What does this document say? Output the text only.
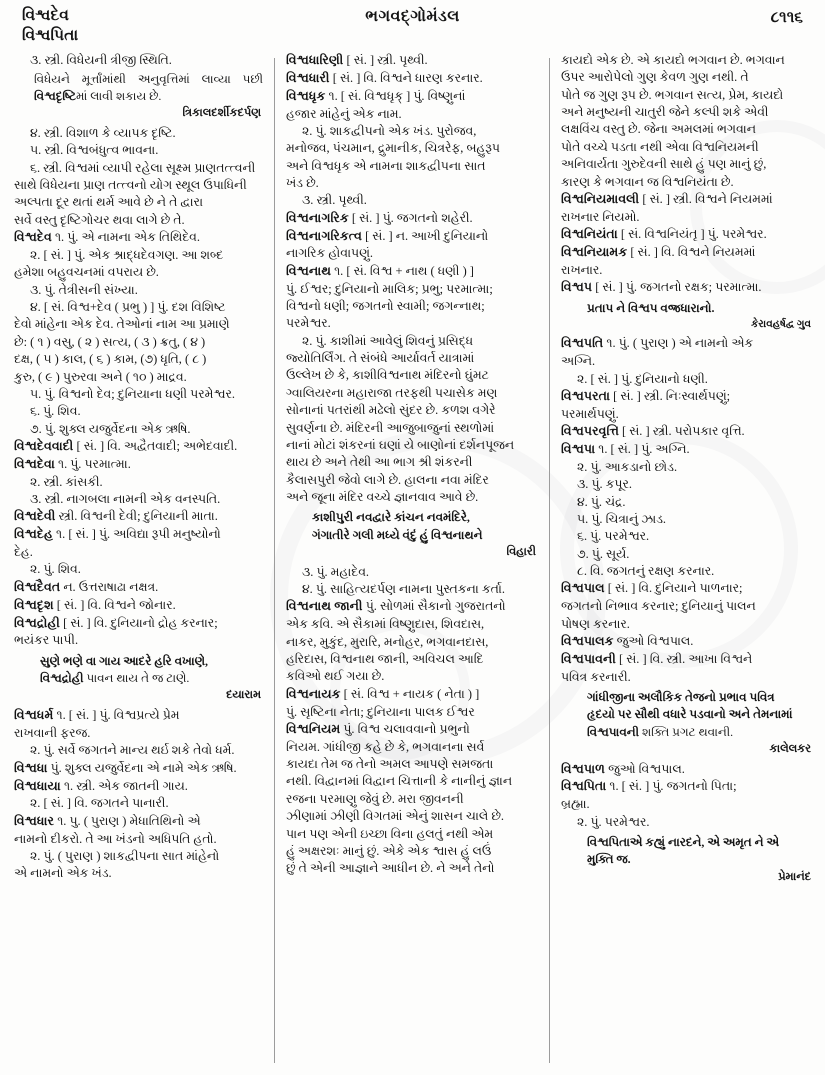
વિશ્વદેવ
વિશ્વપિતા
ભગવદ્‌ગોમંડલ	૮૧૧૬

૩. સ્ત્રી. વિધેયની ત્રીજી સ્થિતિ.

વિધેયને મૂર્ત્તાંમાંથી અનુવૃત્તિમાં લાવ્યા પછી વિશ્વદૃષ્ટિમાં લાવી શકાય છે.

ત્રિકાલદર્શીકદર્પણ

૪. સ્ત્રી. વિશાળ કે વ્યાપક દૃષ્ટિ.

૫. સ્ત્રી. વિશ્વબંધુત્વ ભાવના.

૬. સ્ત્રી. વિશ્વમાં વ્યાપી રહેલા સૂક્ષ્મ પ્રાણતત્ત્વની

સાથે વિધેયના પ્રાણ તત્ત્વનો યોગ સ્થૂલ ઉપાધિની

અલ્પતા દૂર થતાં થર્મ આવે છે ને તે દ્વારા

સર્વે વસ્તુ દૃષ્ટિગોચર થવા લાગે છે તે.

વિશ્વદેવ ૧. પું. એ નામના એક તિથિદેવ.

૨. [ સં. ] પું. એક શ્રાદ્ધદેવગણ. આ શબ્દ

હમેશા બહુવચનમાં વપરાય છે.

૩. પું. તેત્રીસની સંખ્યા.

૪. [ સં. વિશ્વ+દેવ ( પ્રભુ ) ] પું. દશ વિશિષ્ટ

દેવો માંહેના એક દેવ. તેઓનાં નામ આ પ્રમાણે

છે: ( ૧ ) વસુ, ( ૨ ) સત્ય, ( ૩ ) ક્રતુ, ( ૪ )

દક્ષ, ( ૫ ) કાલ, ( ૬ ) કામ, (૭) ધૃતિ, ( ૮ )

કુરુ, ( ૯ ) પુરુરવા અને ( ૧૦ ) માદ્રવ.

૫. પું. વિશ્વનો દેવ; દુનિયાના ધણી પરમેશ્વર.

૬. પું. શિવ.

૭. પું. શુક્લ યજુર્વેદના એક ઋષિ.

વિશ્વદેવવાદી [ સં. ] વિ. અદ્વૈતવાદી; અભેદવાદી.

વિશ્વદેવા ૧. પું. પરમાત્મા.

૨. સ્ત્રી. કાંસકી.

૩. સ્ત્રી. નાગબલા નામની એક વનસ્પતિ.

વિશ્વદેવી સ્ત્રી. વિશ્વની દેવી; દુનિયાની માતા.

વિશ્વદેહ ૧. [ સં. ] પું. અવિદ્યા રૂપી મનુષ્યોનો

દેહ.

૨. પું. શિવ.

વિશ્વદૈવત ન. ઉત્તરાષાઢા નક્ષત્ર.

વિશ્વદૃશ [ સં. ] વિ. વિશ્વને જોનાર.

વિશ્વદ્રોહી [ સં. ] વિ. દુનિયાનો દ્રોહ કરનાર;

ભયંકર પાપી.

સુણે ભણે વા ગાય આદરે હરિ વખાણે,
વિશ્વદ્રોહી પાવન થાય તે જ ટાણે.

દયારામ

વિશ્વધર્મ ૧. [ સં. ] પું. વિશ્વપ્રત્યે પ્રેમ

રાખવાની ફરજ.

૨. પું. સર્વે જગતને માન્ય થર્ઇ શકે તેવો ધર્મ.

વિશ્વધા પું. શુક્લ યજુર્વેદના એ નામે એક ઋષિ.

વિશ્વધાયા ૧. સ્ત્રી. એક જાતની ગાય.

૨. [ સં. ] વિ. જગતને પાનારી.

વિશ્વધાર ૧. પુ. ( પુરાણ ) મેધાતિથિનો એ

નામનો દીકરો. તે આ ખંડનો અધિપતિ હતો.

૨. પું. ( પુરાણ ) શાકદ્વીપના સાત માંહેનો

એ નામનો એક ખંડ.

વિશ્વધારિણી [ સં. ] સ્ત્રી. પૃથ્વી.

વિશ્વધારી [ સં. ] વિ. વિશ્વને ધારણ કરનાર.

વિશ્વધૃક ૧. [ સં. વિશ્વધૃક્ ] પું. વિષ્ણુનાં

હજાર માંહેનું એક નામ.

૨. પું. શાકદ્વીપનો એક ખંડ. પુરોજવ,

મનોજવ, પંચમાન, દ્રુમાનીક, ચિત્રરેફ, બહુરૂપ

અને વિશ્વધૃક એ નામના શાકદ્વીપના સાત

ખંડ છે.

૩. સ્ત્રી. પૃથ્વી.

વિશ્વનાગરિક [ સં. ] પું. જગતનો શહેરી.

વિશ્વનાગરિકત્વ [ સં. ] ન. આખી દુનિયાનો

નાગરિક હોવાપણું.

વિશ્વનાથ ૧. [ સં. વિશ્વ + નાથ ( ધણી ) ]

પું. ઈશ્વર; દુનિયાનો માલિક; પ્રભુ; પરમાત્મા;

વિશ્વનો ધણી; જગતનો સ્વામી; જગન્નાથ;

પરમેશ્વર.

૨. પું. કાશીમાં આવેલું શિવનું પ્રસિદ્ધ

જ્યોતિર્લિંગ. તે સંબંધે આર્યાવર્ત યાત્રામાં

ઉલ્લેખ છે કે, કાશીવિશ્વનાથ મંદિરનો ઘુંમટ

ગ્વાલિયરના મહારાજા તરફથી પચાસેક મણ

સોનાનાં પતરાંથી મઢેલો સુંદર છે. કળશ વગેરે

સુવર્ણના છે. મંદિરની આજુબાજુનાં સ્થળોમાં

નાનાં મોટાં શંકરનાં ઘણાં યે બાણોનાં દર્શનપૂજન

થાય છે અને તેથી આ ભાગ શ્રી શંકરની

કૈલાસપુરી જેવો લાગે છે. હાલના નવા મંદિર

અને જૂના મંદિર વચ્ચે જ્ઞાનવાવ આવે છે.

કાશીપુરી નવદ્વારે કાંચન નવમંદિરે,
ગંગાતીરે ગલી મધ્યે વંદું હું વિશ્વનાથને

વિહારી

૩. પું. મહાદેવ.

૪. પું. સાહિત્યદર્પણ નામના પુસ્તકના કર્તા.

વિશ્વનાથ જાની પું. સોળમાં સૈકાનો ગુજરાતનો

એક કવિ. એ સૈકામાં વિષ્ણુદાસ, શિવદાસ,

નાકર, મુકુંદ, મુરારિ, મનોહર, ભગવાનદાસ,

હરિદાસ, વિશ્વનાથ જાની, અવિચલ આદિ

કવિઓ થઈ ગયા છે.

વિશ્વનાયક [ સં. વિશ્વ + નાયક ( નેતા ) ]

પું. સૃષ્ટિના નેતા; દુનિયાના પાલક ઈશ્વર

વિશ્વનિયમ પું. વિશ્વ ચલાવવાનો પ્રભુનો

નિયમ. ગાંધીજી કહે છે કે, ભગવાનના સર્વ

કાયદા તેમ જ તેનો અમલ આપણે સમજતા

નથી. વિદ્વાનમાં વિદ્વાન ચિત્તાની કે નાનીનું જ્ઞાન

રજના પરમાણુ જેવું છે. મરા જીવનની

ઝીણામાં ઝીણી વિગતમાં એનું શાસન ચાલે છે.

પાન પણ એની ઇચ્છા વિના હલતું નથી એમ

હું અક્ષરશઃ માનું છું. એકે એક શ્વાસ હું લઉં

છું તે એની આજ્ઞાને આધીન છે. ને અને તેનો

કાયદો એક છે. એ કાયદો ભગવાન છે. ભગવાન

ઉપર આરોપેલો ગુણ કેવળ ગુણ નથી. તે

પોતે જ ગુણ રૂપ છે. ભગવાન સત્ય, પ્રેમ, કાયદો

અને મનુષ્યની ચાતુરી જેને કલ્પી શકે એવી

લક્ષવિંચ વસ્તુ છે. જેના અમલમાં ભગવાન

પોતે વચ્ચે પડતા નથી એવા વિશ્વનિયમની

અનિવાર્યતા ગુરુદેવની સાથે હું પણ માનું છું,

કારણ કે ભગવાન જ વિશ્વનિયંતા છે.

વિશ્વનિયમાવલી [ સં. ] સ્ત્રી. વિશ્વને નિયમમાં

રાખનાર નિયમો.

વિશ્વનિયંતા [ સં. વિશ્વનિયંતૃ ] પું. પરમેશ્વર.

વિશ્વનિયામક [ સં. ] વિ. વિશ્વને નિયમમાં

રાખનાર.

વિશ્વપ [ સં. ] પું. જગતનો રક્ષક; પરમાત્મા.

પ્રતાપ ને વિશ્વપ વજ્રધારાનો.

કેરાવહર્ષદ્વ ગુવ

વિશ્વપતિ ૧. પું. ( પુરાણ ) એ નામનો એક

અગ્નિ.

૨. [ સં. ] પું. દુનિયાનો ધણી.

વિશ્વપરતા [ સં. ] સ્ત્રી. નિઃસ્વાર્થપણું;

પરમાર્થપણું.

વિશ્વપરવૃત્તિ [ સં. ] સ્ત્રી. પરોપકાર વૃત્તિ.

વિશ્વપા ૧. [ સં. ] પું. અગ્નિ.

૨. પું. આકડાનો છોડ.

૩. પું. કપૂર.

૪. પું. ચંદ્ર.

૫. પું. ચિત્રાનું ઝાડ.

૬. પું. પરમેશ્વર.

૭. પું. સૂર્ય.

૮. વિ. જગતનું રક્ષણ કરનાર.

વિશ્વપાલ [ સં. ] વિ. દુનિયાને પાળનાર;

જગતનો નિભાવ કરનાર; દુનિયાનું પાલન

પોષણ કરનાર.

વિશ્વપાલક જુઓ વિશ્વપાલ.

વિશ્વપાવની [ સં. ] વિ. સ્ત્રી. આખા વિશ્વને

પવિત્ર કરનારી.

ગાંધીજીના અલૌકિક તેજનો પ્રભાવ પવિત્ર
હૃદયો પર સૌથી વધારે પડવાનો અને તેમનામાં
વિશ્વપાવની શક્તિ પ્રગટ થવાની.

કાલેલકર

વિશ્વપાળ જુઓ વિશ્વપાલ.

વિશ્વપિતા ૧. [ સં. ] પું. જગતનો પિતા;

બ્રહ્મા.

૨. પું. પરમેશ્વર.

વિશ્વપિતાએ કહ્યું નારદને, એ અમૃત ને એ
મુક્તિ જ.

પ્રેમાનંદ
